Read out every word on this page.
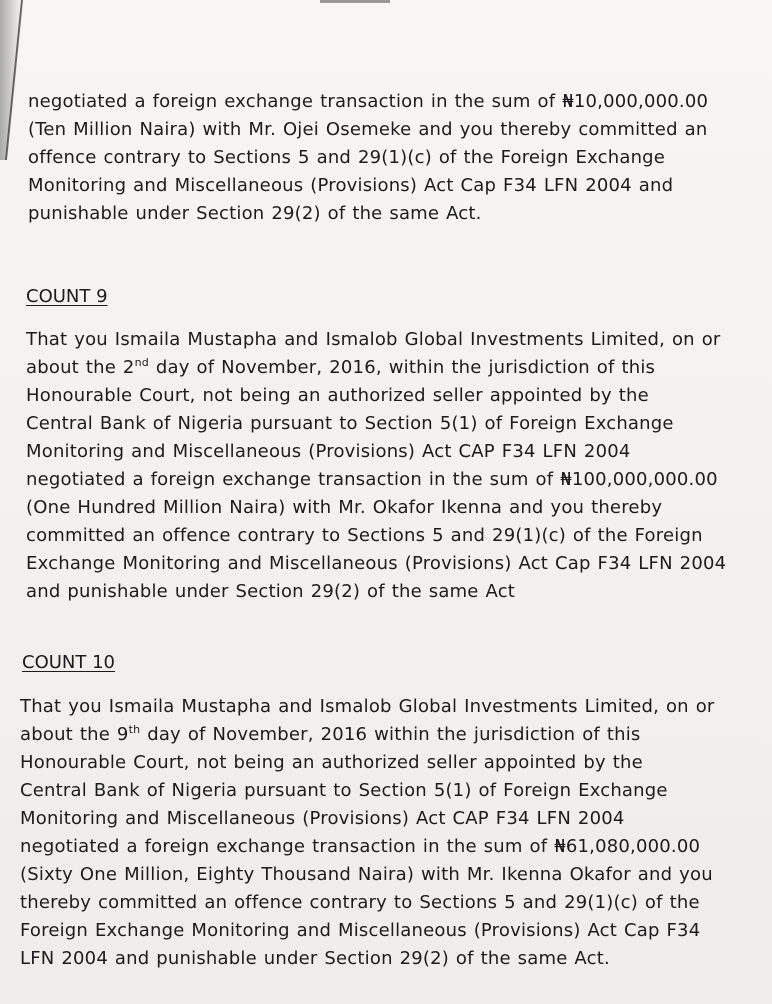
negotiated a foreign exchange transaction in the sum of ₦10,000,000.00
(Ten Million Naira) with Mr. Ojei Osemeke and you thereby committed an
offence contrary to Sections 5 and 29(1)(c) of the Foreign Exchange
Monitoring and Miscellaneous (Provisions) Act Cap F34 LFN 2004 and
punishable under Section 29(2) of the same Act.
COUNT 9
That you Ismaila Mustapha and Ismalob Global Investments Limited, on or
about the 2nd day of November, 2016, within the jurisdiction of this
Honourable Court, not being an authorized seller appointed by the
Central Bank of Nigeria pursuant to Section 5(1) of Foreign Exchange
Monitoring and Miscellaneous (Provisions) Act CAP F34 LFN 2004
negotiated a foreign exchange transaction in the sum of ₦100,000,000.00
(One Hundred Million Naira) with Mr. Okafor Ikenna and you thereby
committed an offence contrary to Sections 5 and 29(1)(c) of the Foreign
Exchange Monitoring and Miscellaneous (Provisions) Act Cap F34 LFN 2004
and punishable under Section 29(2) of the same Act
COUNT 10
That you Ismaila Mustapha and Ismalob Global Investments Limited, on or
about the 9th day of November, 2016 within the jurisdiction of this
Honourable Court, not being an authorized seller appointed by the
Central Bank of Nigeria pursuant to Section 5(1) of Foreign Exchange
Monitoring and Miscellaneous (Provisions) Act CAP F34 LFN 2004
negotiated a foreign exchange transaction in the sum of ₦61,080,000.00
(Sixty One Million, Eighty Thousand Naira) with Mr. Ikenna Okafor and you
thereby committed an offence contrary to Sections 5 and 29(1)(c) of the
Foreign Exchange Monitoring and Miscellaneous (Provisions) Act Cap F34
LFN 2004 and punishable under Section 29(2) of the same Act.
